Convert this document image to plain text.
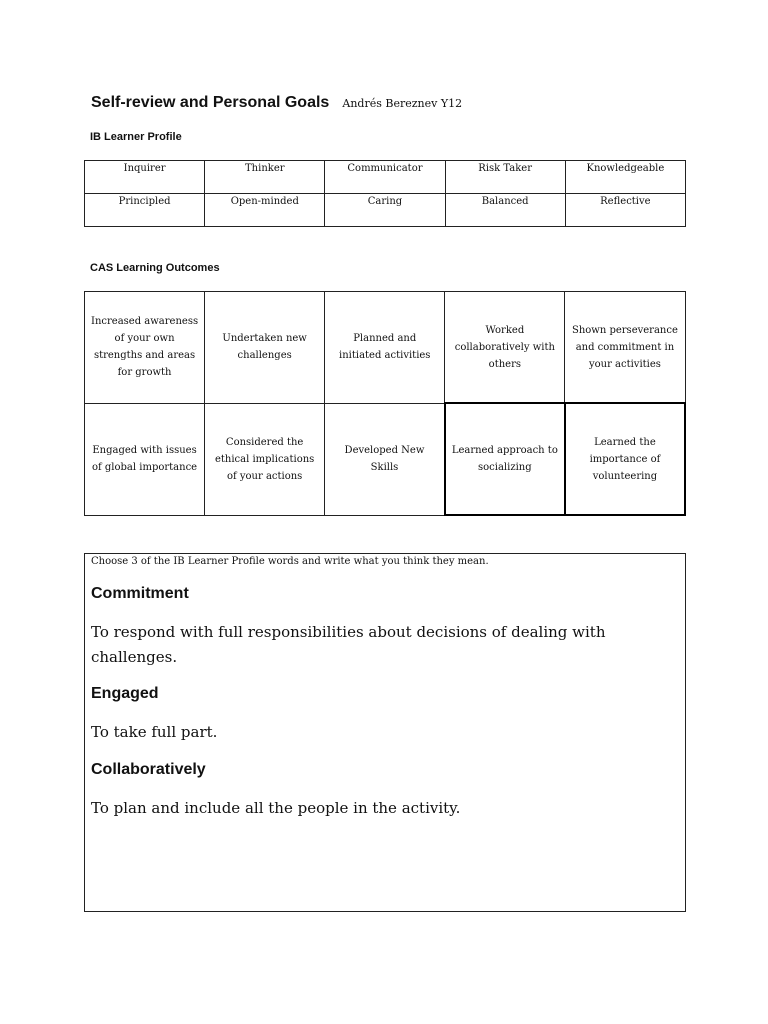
Self-review and Personal Goals Andrés Bereznev Y12
IB Learner Profile
Inquirer	Thinker	Communicator	Risk Taker	Knowledgeable
Principled	Open-minded	Caring	Balanced	Reflective
CAS Learning Outcomes
Increased awareness of your own strengths and areas for growth	Undertaken new challenges	Planned and initiated activities	Worked collaboratively with others	Shown perseverance and commitment in your activities
Engaged with issues of global importance	Considered the ethical implications of your actions	Developed New Skills	Learned approach to socializing	Learned the importance of volunteering
Choose 3 of the IB Learner Profile words and write what you think they mean.
Commitment
To respond with full responsibilities about decisions of dealing with challenges.
Engaged
To take full part.
Collaboratively
To plan and include all the people in the activity.
